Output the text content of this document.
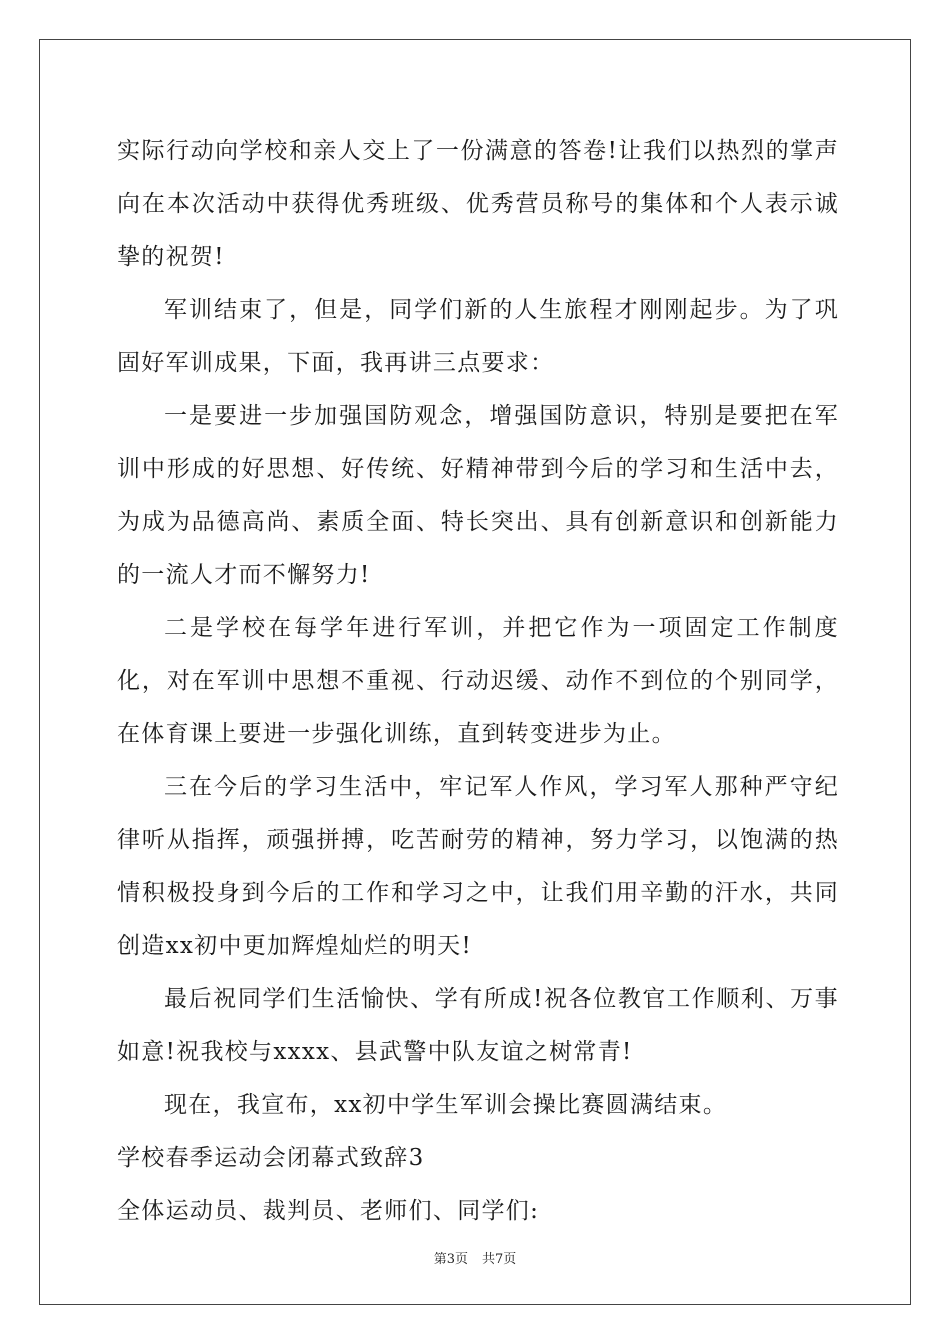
实际行动向学校和亲人交上了一份满意的答卷!让我们以热烈的掌声向在本次活动中获得优秀班级、优秀营员称号的集体和个人表示诚挚的祝贺!

军训结束了，但是，同学们新的人生旅程才刚刚起步。为了巩固好军训成果，下面，我再讲三点要求：

一是要进一步加强国防观念，增强国防意识，特别是要把在军训中形成的好思想、好传统、好精神带到今后的学习和生活中去，为成为品德高尚、素质全面、特长突出、具有创新意识和创新能力的一流人才而不懈努力!

二是学校在每学年进行军训，并把它作为一项固定工作制度化，对在军训中思想不重视、行动迟缓、动作不到位的个别同学，在体育课上要进一步强化训练，直到转变进步为止。

三在今后的学习生活中，牢记军人作风，学习军人那种严守纪律听从指挥，顽强拼搏，吃苦耐劳的精神，努力学习，以饱满的热情积极投身到今后的工作和学习之中，让我们用辛勤的汗水，共同创造xx初中更加辉煌灿烂的明天!

最后祝同学们生活愉快、学有所成!祝各位教官工作顺利、万事如意!祝我校与xxxx、县武警中队友谊之树常青!

现在，我宣布，xx初中学生军训会操比赛圆满结束。

学校春季运动会闭幕式致辞3

全体运动员、裁判员、老师们、同学们:

第3页 共7页
